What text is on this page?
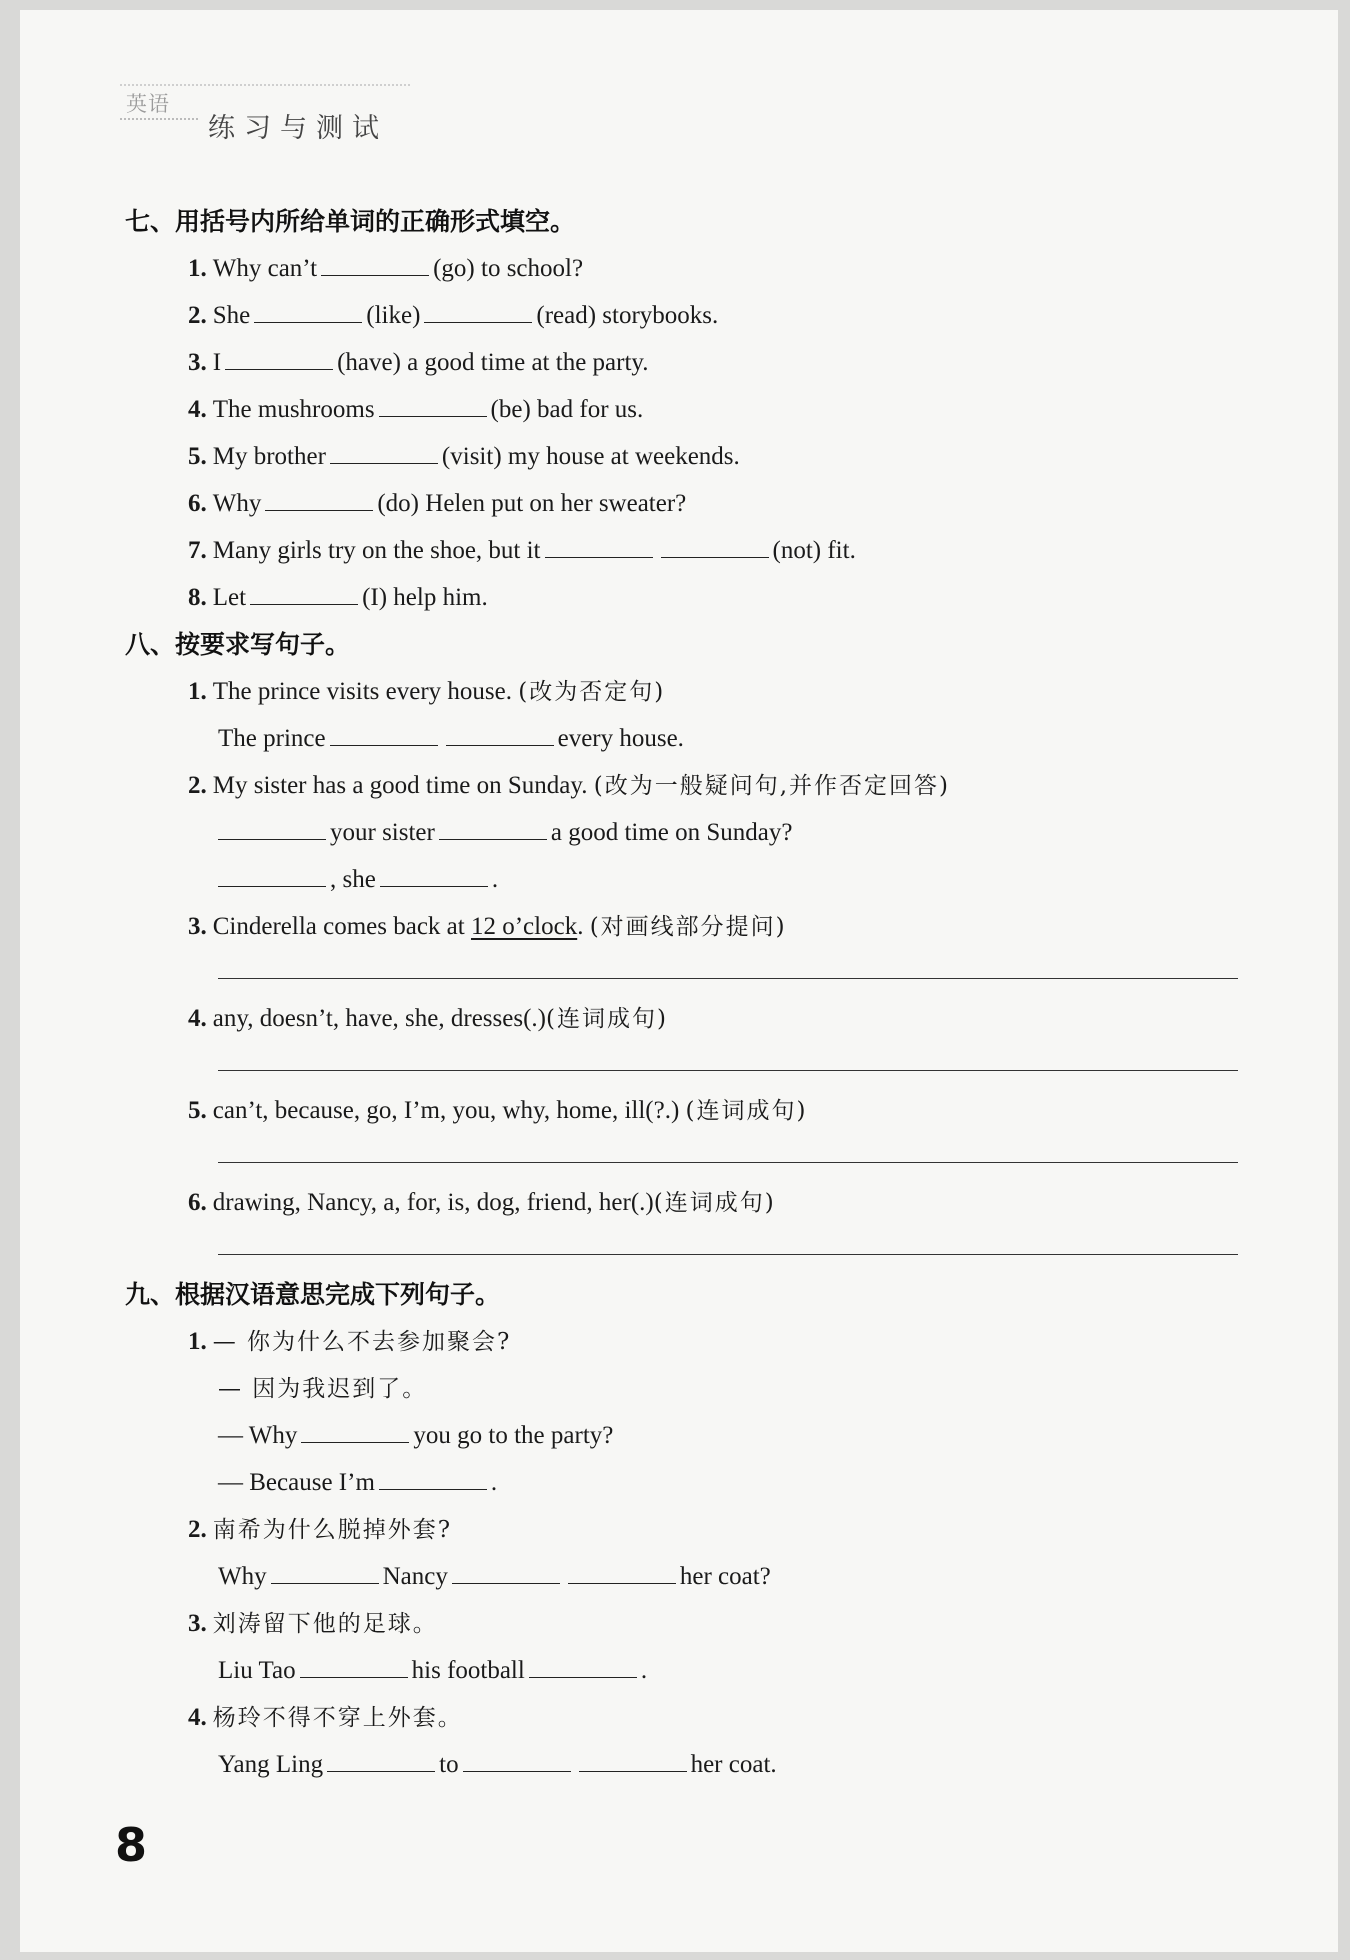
英语
练习与测试
七、用括号内所给单词的正确形式填空。
1. Why can’t	(go) to school?
2. She	(like)	(read) storybooks.
3. I	(have) a good time at the party.
4. The mushrooms	(be) bad for us.
5. My brother	(visit) my house at weekends.
6. Why	(do) Helen put on her sweater?
7. Many girls try on the shoe, but it	(not) fit.
8. Let	(I) help him.
八、按要求写句子。
1. The prince visits every house. (改为否定句)
The prince	every house.
2. My sister has a good time on Sunday. (改为一般疑问句,并作否定回答)
your sister	a good time on Sunday?
, she	.
3. Cinderella comes back at 12 o’clock. (对画线部分提问)
4. any, doesn’t, have, she, dresses(.)(连词成句)
5. can’t, because, go, I’m, you, why, home, ill(?.) (连词成句)
6. drawing, Nancy, a, for, is, dog, friend, her(.)(连词成句)
九、根据汉语意思完成下列句子。
1. — 你为什么不去参加聚会?
— 因为我迟到了。
— Why	you go to the party?
— Because I’m	.
2. 南希为什么脱掉外套?
Why	Nancy	her coat?
3. 刘涛留下他的足球。
Liu Tao	his football	.
4. 杨玲不得不穿上外套。
Yang Ling	to	her coat.
8
